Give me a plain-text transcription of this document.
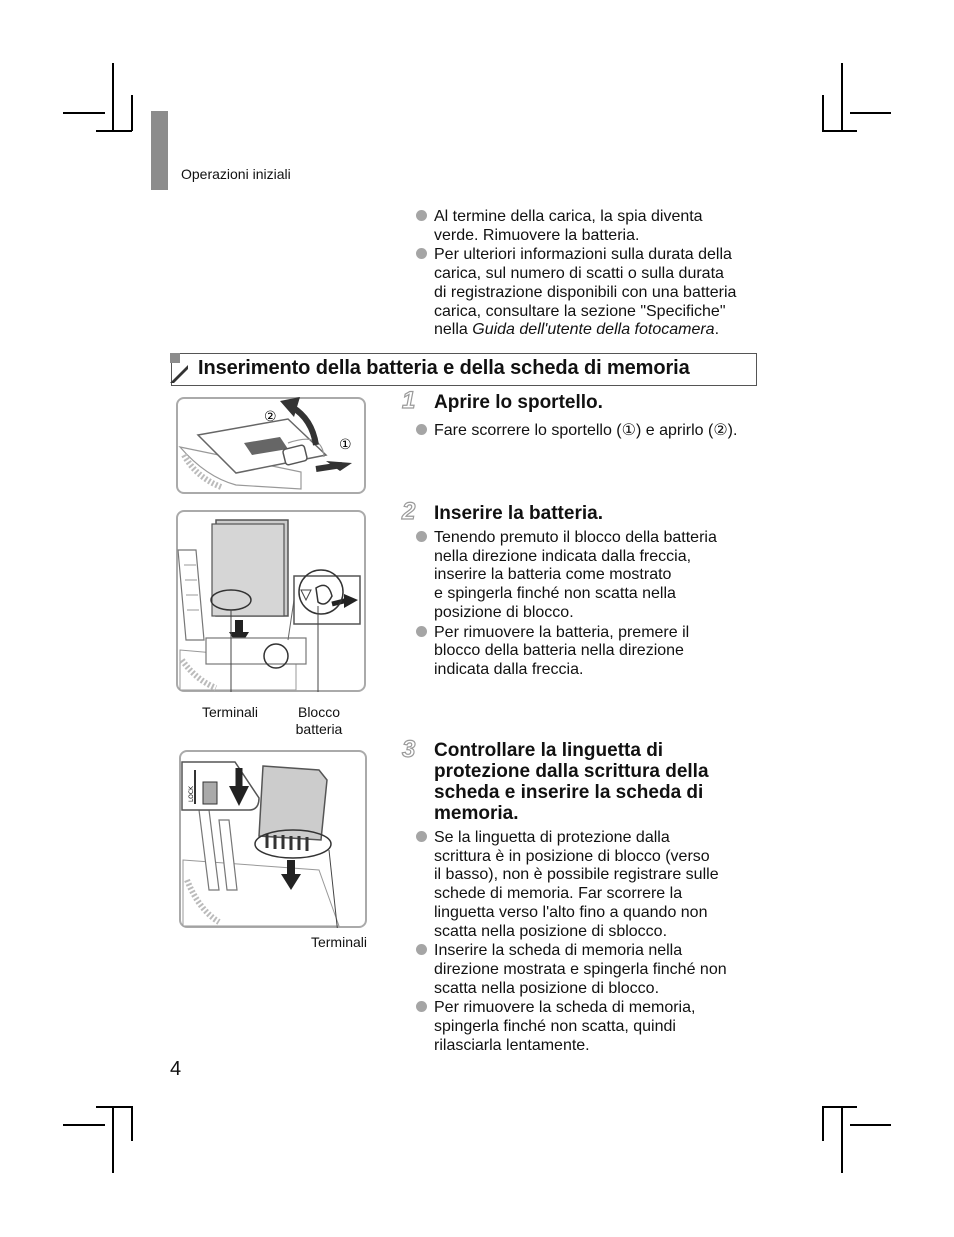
Operazioni iniziali
Al termine della carica, la spia diventa
verde. Rimuovere la batteria.
Per ulteriori informazioni sulla durata della
carica, sul numero di scatti o sulla durata
di registrazione disponibili con una batteria
carica, consultare la sezione "Specifiche"
nella Guida dell'utente della fotocamera.
Inserimento della batteria e della scheda di memoria
1 Aprire lo sportello.
Fare scorrere lo sportello (①) e aprirlo (②).
2 Inserire la batteria.
Tenendo premuto il blocco della batteria
nella direzione indicata dalla freccia,
inserire la batteria come mostrato
e spingerla finché non scatta nella
posizione di blocco.
Per rimuovere la batteria, premere il
blocco della batteria nella direzione
indicata dalla freccia.
3 Controllare la linguetta di
protezione dalla scrittura della
scheda e inserire la scheda di
memoria.
Se la linguetta di protezione dalla
scrittura è in posizione di blocco (verso
il basso), non è possibile registrare sulle
schede di memoria. Far scorrere la
linguetta verso l'alto fino a quando non
scatta nella posizione di sblocco.
Inserire la scheda di memoria nella
direzione mostrata e spingerla finché non
scatta nella posizione di blocco.
Per rimuovere la scheda di memoria,
spingerla finché non scatta, quindi
rilasciarla lentamente.
②
①
Terminali	Blocco
batteria
LOCK
Terminali
4
